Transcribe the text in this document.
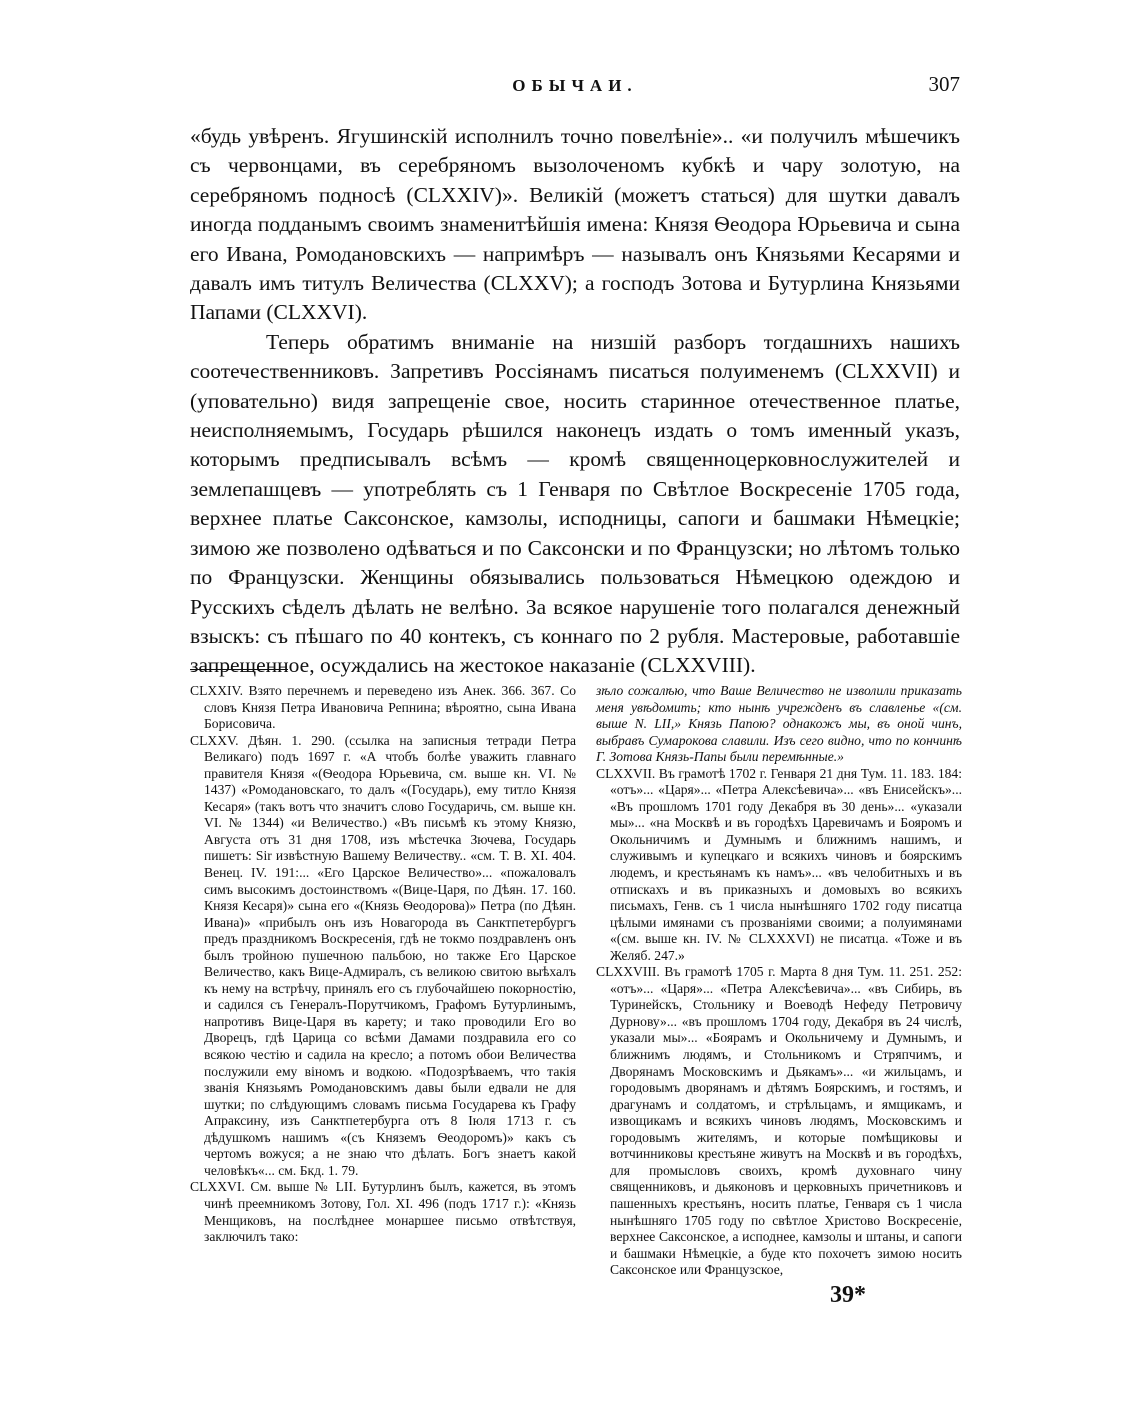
ОБЫЧАИ.	307

«будь увѣренъ. Ягушинскій исполнилъ точно повелѣніе».. «и получилъ мѣшечикъ съ червонцами, въ серебряномъ вызолоченомъ кубкѣ и чару золотую, на серебряномъ подносѣ (CLXXIV)». Великій (можетъ статься) для шутки давалъ иногда подданымъ своимъ знаменитѣйшія имена: Князя Ѳеодора Юрьевича и сына его Ивана, Ромодановскихъ — напримѣръ — называлъ онъ Князьями Кесарями и давалъ имъ титулъ Величества (CLXXV); а господъ Зотова и Бутурлина Князьями Папами (CLXXVI).

Теперь обратимъ вниманіе на низшій разборъ тогдашнихъ нашихъ соотечественниковъ. Запретивъ Россіянамъ писаться полуименемъ (CLXXVII) и (уповательно) видя запрещеніе свое, носить старинное отечественное платье, неисполняемымъ, Государь рѣшился наконецъ издать о томъ именный указъ, которымъ предписывалъ всѣмъ — кромѣ священноцерковнослужителей и землепашцевъ — употреблять съ 1 Генваря по Свѣтлое Воскресеніе 1705 года, верхнее платье Саксонское, камзолы, исподницы, сапоги и башмаки Нѣмецкіе; зимою же позволено одѣваться и по Саксонски и по Французски; но лѣтомъ только по Французски. Женщины обязывались пользоваться Нѣмецкою одеждою и Русскихъ сѣделъ дѣлать не велѣно. За всякое нарушеніе того полагался денежный взыскъ: съ пѣшаго по 40 контекъ, съ коннаго по 2 рубля. Мастеровые, работавшіе запрещенное, осуждались на жестокое наказаніе (CLXXVIII).

CLXXIV. Взято перечнемъ и переведено изъ Анек. 366. 367. Со словъ Князя Петра Ивановича Репнина; вѣроятно, сына Ивана Борисовича.

CLXXV. Дѣян. 1. 290. (ссылка на записныя тетради Петра Великаго) подъ 1697 г. «А чтобъ болѣе уважить главнаго правителя Князя «(Ѳеодора Юрьевича, см. выше кн. VI. № 1437) «Ромодановскаго, то далъ «(Государь), ему титло Князя Кесаря» (такъ вотъ что значитъ слово Государичь, см. выше кн. VI. № 1344) «и Величество.) «Въ письмѣ къ этому Князю, Августа отъ 31 дня 1708, изъ мѣстечка Зючева, Государь пишетъ: Sir извѣстную Вашему Величеству.. «см. Т. В. XI. 404. Венец. IV. 191:... «Его Царское Величество»... «пожаловалъ симъ высокимъ достоинствомъ «(Вице-Царя, по Дѣян. 17. 160. Князя Кесаря)» сына его «(Князь Ѳеодорова)» Петра (по Дѣян. Ивана)» «прибылъ онъ изъ Новагорода въ Санктпетербургъ предъ праздникомъ Воскресенія, гдѣ не токмо поздравленъ онъ былъ тройною пушечною пальбою, но также Его Царское Величество, какъ Вице-Адмиралъ, съ великою свитою выѣхалъ къ нему на встрѣчу, принялъ его съ глубочайшею покорностію, и садился съ Генералъ-Порутчикомъ, Графомъ Бутурлинымъ, напротивъ Вице-Царя въ карету; и тако проводили Его во Дворецъ, гдѣ Царица со всѣми Дамами поздравила его со всякою честію и садила на кресло; а потомъ обои Величества послужили ему віномъ и водкою. «Подозрѣваемъ, что такія званія Князьямъ Ромодановскимъ давы были едвали не для шутки; по слѣдующимъ словамъ письма Государева къ Графу Апраксину, изъ Санктпетербурга отъ 8 Іюля 1713 г. съ дѣдушкомъ нашимъ «(съ Княземъ Ѳеодоромъ)» какъ съ чертомъ вожуся; а не знаю что дѣлать. Богъ знаетъ какой человѣкъ«... см. Бкд. 1. 79.

CLXXVI. См. выше № LII. Бутурлинъ былъ, кажется, въ этомъ чинѣ преемникомъ Зотову, Гол. XI. 496 (подъ 1717 г.): «Князь Менщиковъ, на послѣднее монаршее письмо отвѣтствуя, заключилъ тако:

зѣло сожалѣю, что Ваше Величество не изволили приказать меня увѣдомить; кто нынѣ учрежденъ въ славленье «(см. выше N. LII,» Князь Папою? однакожъ мы, въ оной чинъ, выбравъ Сумарокова славили. Изъ сего видно, что по кончинѣ Г. Зотова Князь-Папы были перемѣнные.»

CLXXVII. Въ грамотѣ 1702 г. Генваря 21 дня Тум. 11. 183. 184: «отъ»... «Царя»... «Петра Алексѣевича»... «въ Енисейскъ»... «Въ прошломъ 1701 году Декабря въ 30 день»... «указали мы»... «на Москвѣ и въ городѣхъ Царевичамъ и Бояромъ и Окольничимъ и Думнымъ и ближнимъ нашимъ, и служивымъ и купецкаго и всякихъ чиновъ и боярскимъ людемъ, и крестьянамъ къ намъ»... «въ челобитныхъ и въ отпискахъ и въ приказныхъ и домовыхъ во всякихъ письмахъ, Генв. съ 1 числа нынѣшняго 1702 году писатца цѣлыми имянами съ прозваніями своими; а полуимянами «(см. выше кн. IV. № CLXXXVI) не писатца. «Тоже и въ Желяб. 247.»

CLXXVIII. Въ грамотѣ 1705 г. Марта 8 дня Тум. 11. 251. 252: «отъ»... «Царя»... «Петра Алексѣевича»... «въ Сибирь, въ Туринейскъ, Стольнику и Воеводѣ Нефеду Петровичу Дурнову»... «въ прошломъ 1704 году, Декабря въ 24 числѣ, указали мы»... «Боярамъ и Окольничему и Думнымъ, и ближнимъ людямъ, и Стольникомъ и Стряпчимъ, и Дворянамъ Московскимъ и Дьякамъ»... «и жильцамъ, и городовымъ дворянамъ и дѣтямъ Боярскимъ, и гостямъ, и драгунамъ и солдатомъ, и стрѣльцамъ, и ямщикамъ, и извощикамъ и всякихъ чиновъ людямъ, Московскимъ и городовымъ жителямъ, и которые помѣщиковы и вотчинниковы крестьяне живутъ на Москвѣ и въ городѣхъ, для промысловъ своихъ, кромѣ духовнаго чину священниковъ, и дьяконовъ и церковныхъ причетниковъ и пашенныхъ крестьянъ, носить платье, Генваря съ 1 числа нынѣшняго 1705 году по свѣтлое Христово Воскресеніе, верхнее Саксонское, а исподнее, камзолы и штаны, и сапоги и башмаки Нѣмецкіе, а буде кто похочетъ зимою носить Саксонское или Французское,

39*
